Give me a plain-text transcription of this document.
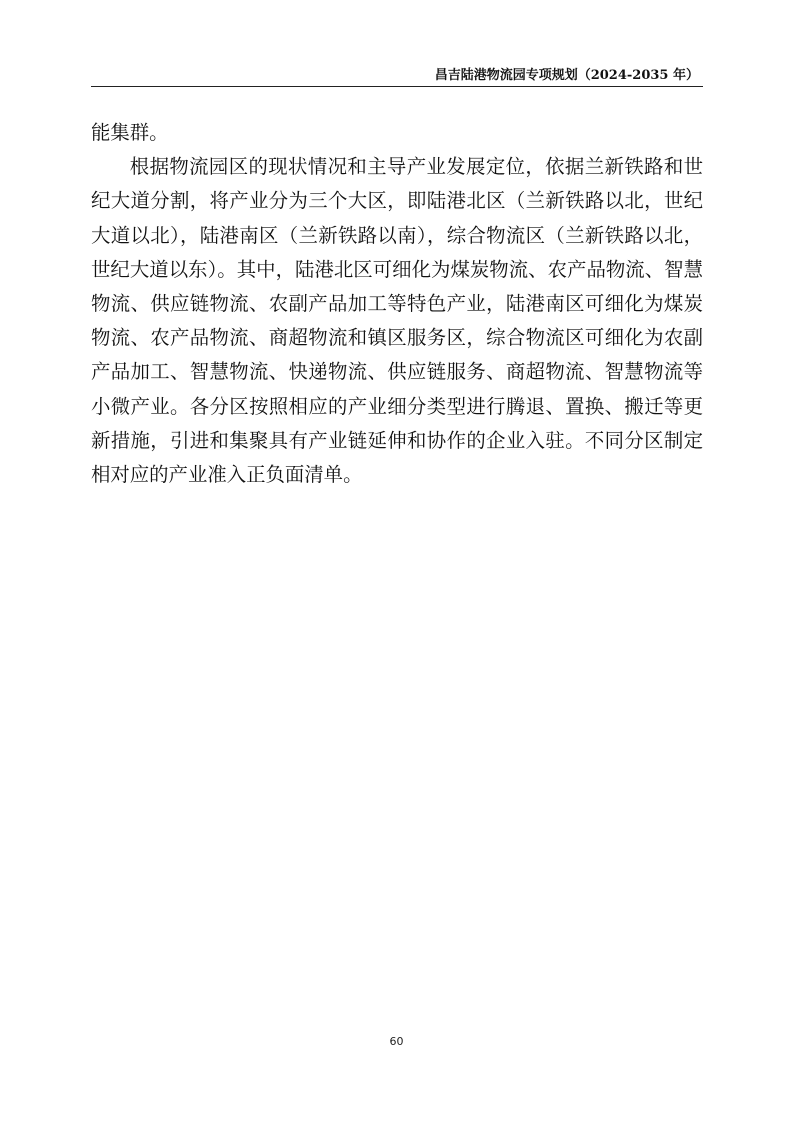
昌吉陆港物流园专项规划（2024-2035 年）

能集群。

根据物流园区的现状情况和主导产业发展定位，依据兰新铁路和世纪大道分割，将产业分为三个大区，即陆港北区（兰新铁路以北，世纪大道以北），陆港南区（兰新铁路以南），综合物流区（兰新铁路以北，世纪大道以东）。其中，陆港北区可细化为煤炭物流、农产品物流、智慧物流、供应链物流、农副产品加工等特色产业，陆港南区可细化为煤炭物流、农产品物流、商超物流和镇区服务区，综合物流区可细化为农副产品加工、智慧物流、快递物流、供应链服务、商超物流、智慧物流等小微产业。各分区按照相应的产业细分类型进行腾退、置换、搬迁等更新措施，引进和集聚具有产业链延伸和协作的企业入驻。不同分区制定相对应的产业准入正负面清单。

60
